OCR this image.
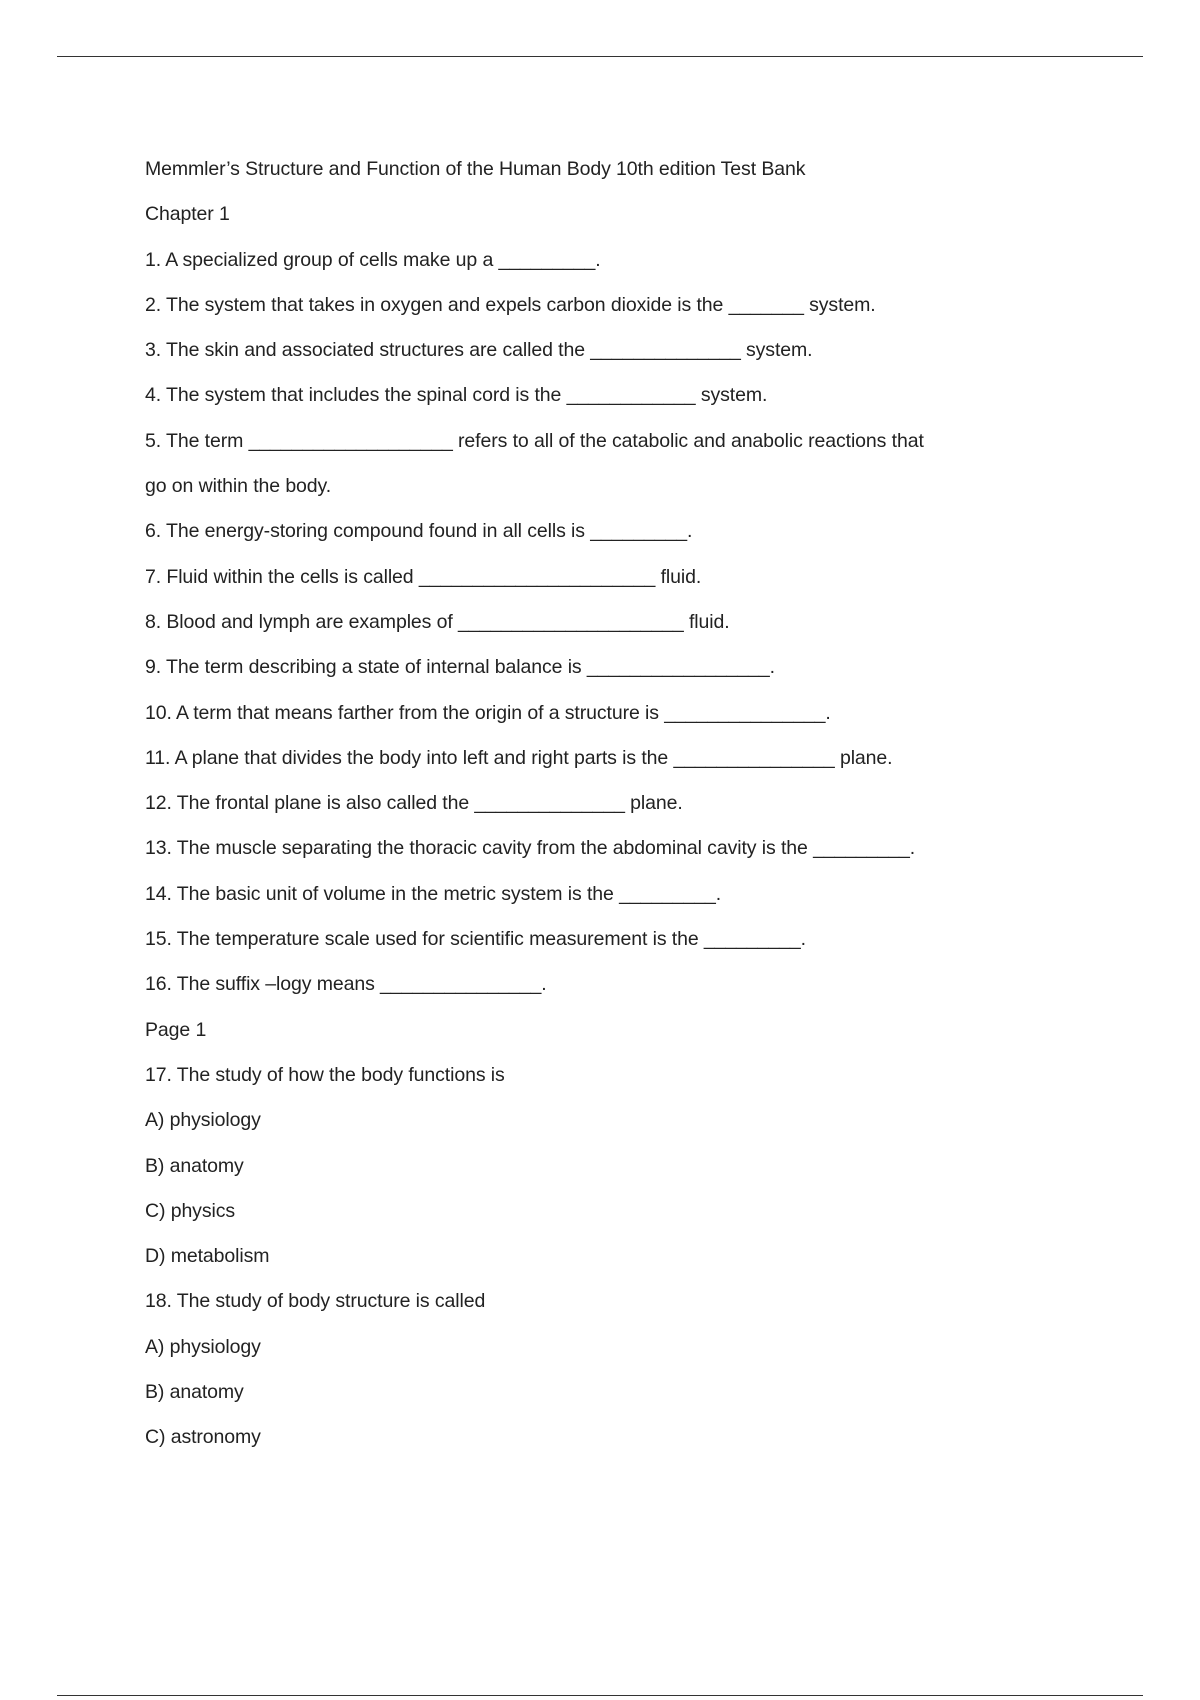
Memmler’s Structure and Function of the Human Body 10th edition Test Bank
Chapter 1
1. A specialized group of cells make up a _________.
2. The system that takes in oxygen and expels carbon dioxide is the _______ system.
3. The skin and associated structures are called the ______________ system.
4. The system that includes the spinal cord is the ____________ system.
5. The term ___________________ refers to all of the catabolic and anabolic reactions that
go on within the body.
6. The energy-storing compound found in all cells is _________.
7. Fluid within the cells is called ______________________ fluid.
8. Blood and lymph are examples of _____________________ fluid.
9. The term describing a state of internal balance is _________________.
10. A term that means farther from the origin of a structure is _______________.
11. A plane that divides the body into left and right parts is the _______________ plane.
12. The frontal plane is also called the ______________ plane.
13. The muscle separating the thoracic cavity from the abdominal cavity is the _________.
14. The basic unit of volume in the metric system is the _________.
15. The temperature scale used for scientific measurement is the _________.
16. The suffix –logy means _______________.
Page 1
17. The study of how the body functions is
A) physiology
B) anatomy
C) physics
D) metabolism
18. The study of body structure is called
A) physiology
B) anatomy
C) astronomy
